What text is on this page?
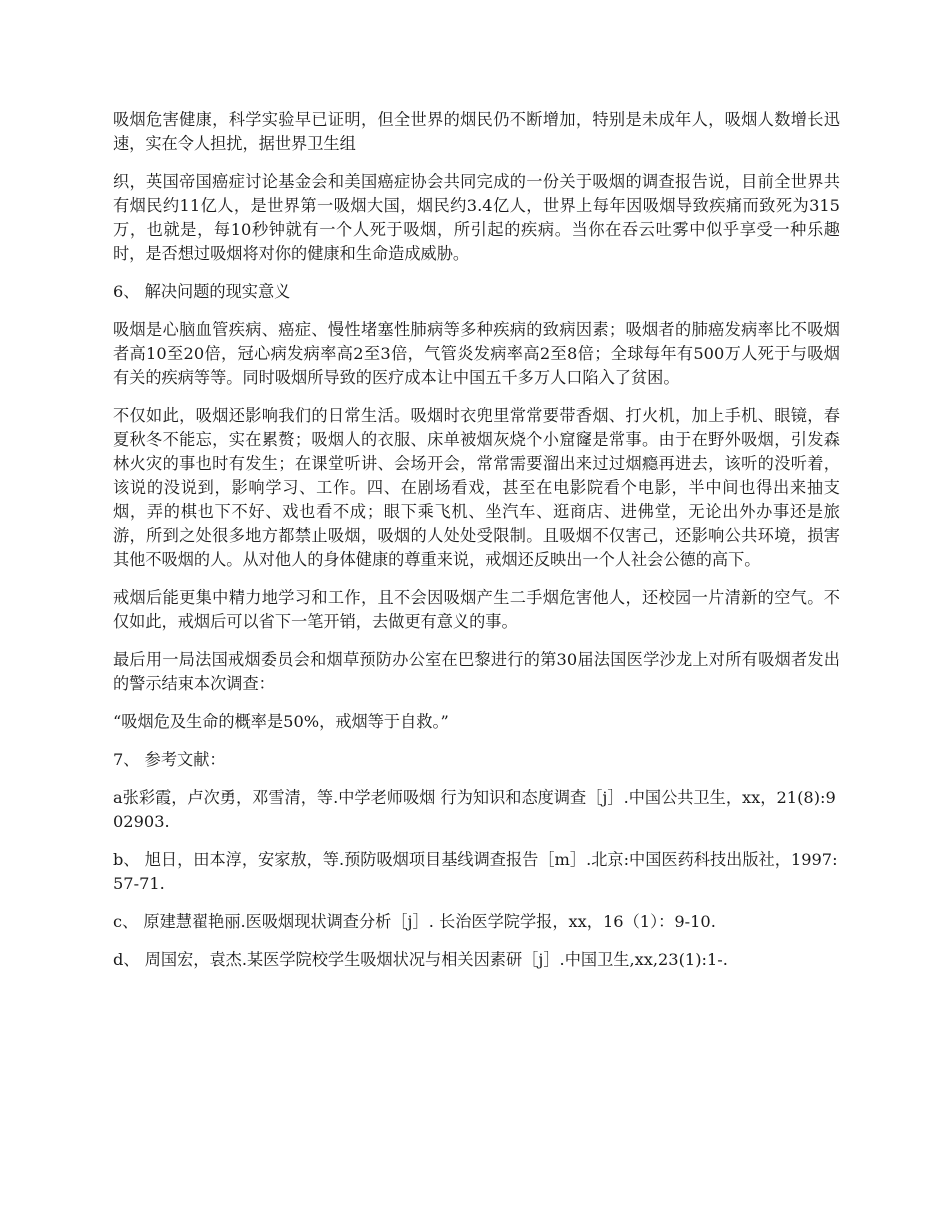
吸烟危害健康，科学实验早已证明，但全世界的烟民仍不断增加，特别是未成年人，吸烟人数增长迅速，实在令人担扰，据世界卫生组

织，英国帝国癌症讨论基金会和美国癌症协会共同完成的一份关于吸烟的调查报告说，目前全世界共有烟民约11亿人，是世界第一吸烟大国，烟民约3.4亿人，世界上每年因吸烟导致疾痛而致死为315万，也就是，每10秒钟就有一个人死于吸烟，所引起的疾病。当你在吞云吐雾中似乎享受一种乐趣时，是否想过吸烟将对你的健康和生命造成威胁。

6、 解决问题的现实意义

吸烟是心脑血管疾病、癌症、慢性堵塞性肺病等多种疾病的致病因素；吸烟者的肺癌发病率比不吸烟者高10至20倍，冠心病发病率高2至3倍，气管炎发病率高2至8倍；全球每年有500万人死于与吸烟有关的疾病等等。同时吸烟所导致的医疗成本让中国五千多万人口陷入了贫困。

不仅如此，吸烟还影响我们的日常生活。吸烟时衣兜里常常要带香烟、打火机，加上手机、眼镜，春夏秋冬不能忘，实在累赘；吸烟人的衣服、床单被烟灰烧个小窟窿是常事。由于在野外吸烟，引发森林火灾的事也时有发生；在课堂听讲、会场开会，常常需要溜出来过过烟瘾再进去，该听的没听着，该说的没说到，影响学习、工作。四、在剧场看戏，甚至在电影院看个电影，半中间也得出来抽支烟，弄的棋也下不好、戏也看不成；眼下乘飞机、坐汽车、逛商店、进佛堂，无论出外办事还是旅游，所到之处很多地方都禁止吸烟，吸烟的人处处受限制。且吸烟不仅害己，还影响公共环境，损害其他不吸烟的人。从对他人的身体健康的尊重来说，戒烟还反映出一个人社会公德的高下。

戒烟后能更集中精力地学习和工作，且不会因吸烟产生二手烟危害他人，还校园一片清新的空气。不仅如此，戒烟后可以省下一笔开销，去做更有意义的事。

最后用一局法国戒烟委员会和烟草预防办公室在巴黎进行的第30届法国医学沙龙上对所有吸烟者发出的警示结束本次调查：

“吸烟危及生命的概率是50%，戒烟等于自救。”

7、 参考文献：

a张彩霞，卢次勇，邓雪清，等.中学老师吸烟 行为知识和态度调查［j］.中国公共卫生，xx，21(8):902903.

b、 旭日，田本淳，安家敖，等.预防吸烟项目基线调查报告［m］.北京:中国医药科技出版社，1997:57-71.

c、 原建慧翟艳丽.医吸烟现状调查分析［j］. 长治医学院学报，xx，16（1）：9-10.

d、 周国宏，袁杰.某医学院校学生吸烟状况与相关因素研［j］.中国卫生,xx,23(1):1-.
